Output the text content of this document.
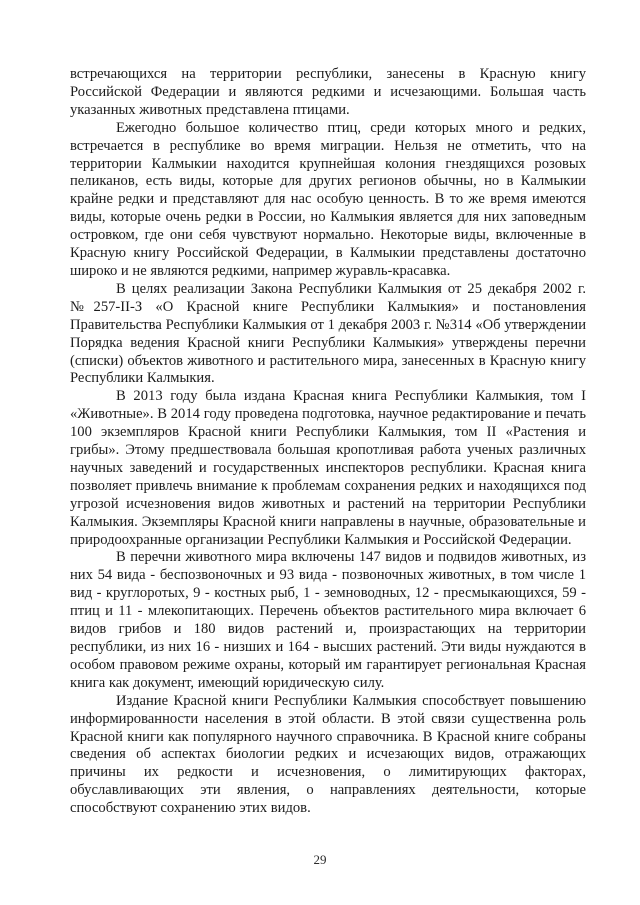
встречающихся на территории республики, занесены в Красную книгу Российской Федерации и являются редкими и исчезающими. Большая часть указанных животных представлена птицами.

Ежегодно большое количество птиц, среди которых много и редких, встречается в республике во время миграции. Нельзя не отметить, что на территории Калмыкии находится крупнейшая колония гнездящихся розовых пеликанов, есть виды, которые для других регионов обычны, но в Калмыкии крайне редки и представляют для нас особую ценность. В то же время имеются виды, которые очень редки в России, но Калмыкия является для них заповедным островком, где они себя чувствуют нормально. Некоторые виды, включенные в Красную книгу Российской Федерации, в Калмыкии представлены достаточно широко и не являются редкими, например журавль-красавка.

В целях реализации Закона Республики Калмыкия от 25 декабря 2002 г. №257-II-З «О Красной книге Республики Калмыкия» и постановления Правительства Республики Калмыкия от 1 декабря 2003 г. №314 «Об утверждении Порядка ведения Красной книги Республики Калмыкия» утверждены перечни (списки) объектов животного и растительного мира, занесенных в Красную книгу Республики Калмыкия.

В 2013 году была издана Красная книга Республики Калмыкия, том I «Животные». В 2014 году проведена подготовка, научное редактирование и печать 100 экземпляров Красной книги Республики Калмыкия, том II «Растения и грибы». Этому предшествовала большая кропотливая работа ученых различных научных заведений и государственных инспекторов республики. Красная книга позволяет привлечь внимание к проблемам сохранения редких и находящихся под угрозой исчезновения видов животных и растений на территории Республики Калмыкия. Экземпляры Красной книги направлены в научные, образовательные и природоохранные организации Республики Калмыкия и Российской Федерации.

В перечни животного мира включены 147 видов и подвидов животных, из них 54 вида - беспозвоночных и 93 вида - позвоночных животных, в том числе 1 вид - круглоротых, 9 - костных рыб, 1 - земноводных, 12 - пресмыкающихся, 59 - птиц и 11 - млекопитающих. Перечень объектов растительного мира включает 6 видов грибов и 180 видов растений и, произрастающих на территории республики, из них 16 - низших и 164 - высших растений. Эти виды нуждаются в особом правовом режиме охраны, который им гарантирует региональная Красная книга как документ, имеющий юридическую силу.

Издание Красной книги Республики Калмыкия способствует повышению информированности населения в этой области. В этой связи существенна роль Красной книги как популярного научного справочника. В Красной книге собраны сведения об аспектах биологии редких и исчезающих видов, отражающих причины их редкости и исчезновения, о лимитирующих факторах, обуславливающих эти явления, о направлениях деятельности, которые способствуют сохранению этих видов.

29
